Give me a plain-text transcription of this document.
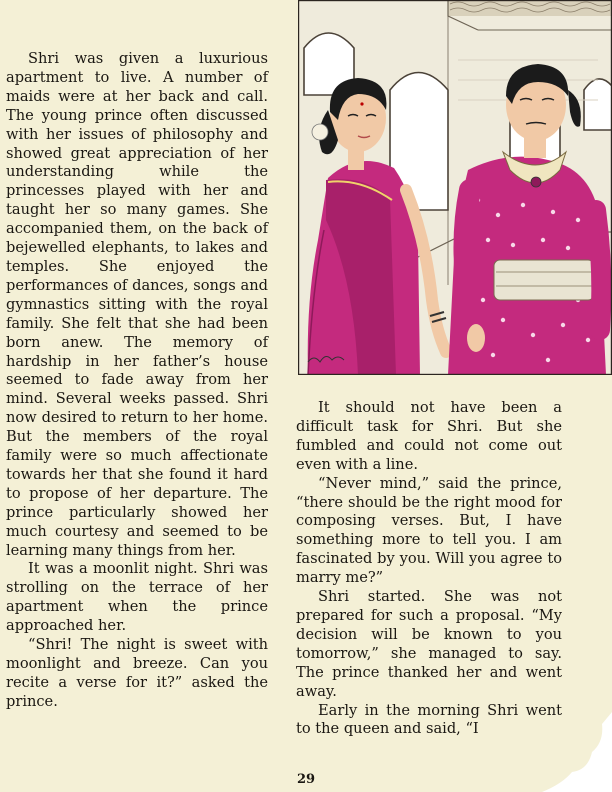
Shri was given a luxurious apartment to live. A number of maids were at her back and call. The young prince often discussed with her issues of philosophy and showed great appreciation of her understanding while the princesses played with her and taught her so many games. She accompanied them, on the back of bejewelled elephants, to lakes and temples. She enjoyed the performances of dances, songs and gymnastics sitting with the royal family. She felt that she had been born anew. The memory of hardship in her father’s house seemed to fade away from her mind. Several weeks passed. Shri now desired to return to her home. But the members of the royal family were so much affectionate towards her that she found it hard to propose of her departure. The prince particularly showed her much courtesy and seemed to be learning many things from her.

It was a moonlit night. Shri was strolling on the terrace of her apartment when the prince approached her.

“Shri! The night is sweet with moonlight and breeze. Can you recite a verse for it?” asked the prince.

It should not have been a difficult task for Shri. But she fumbled and could not come out even with a line.

“Never mind,” said the prince, “there should be the right mood for composing verses. But, I have something more to tell you. I am fascinated by you. Will you agree to marry me?”

Shri started. She was not prepared for such a proposal. “My decision will be known to you tomorrow,” she managed to say. The prince thanked her and went away.

Early in the morning Shri went to the queen and said, “I

29
